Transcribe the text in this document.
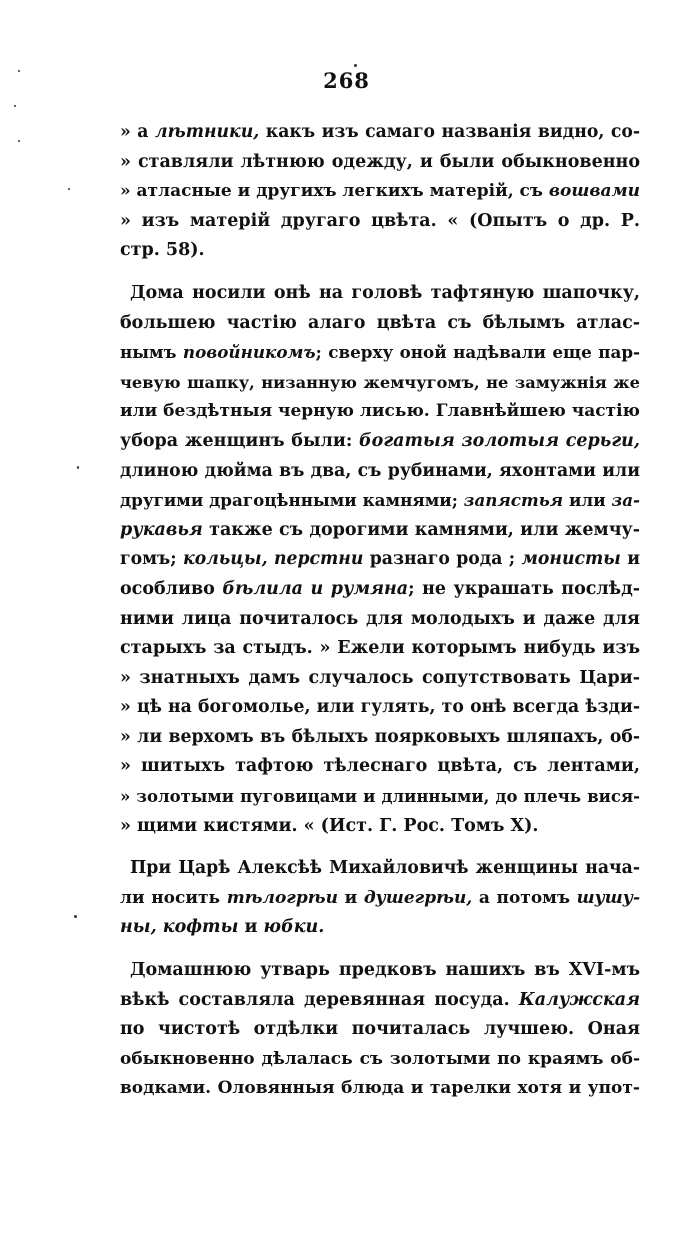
268
» а лѣтники, какъ изъ самаго названія видно, со-
» ставляли лѣтнюю одежду, и были обыкновенно
» атласные и другихъ легкихъ матерій, съ вошвами
» изъ матерій другаго цвѣта. « (Опытъ о др. Р.
стр. 58).
Дома носили онѣ на головѣ тафтяную шапочку,
большею частію алаго цвѣта съ бѣлымъ атлас-
нымъ повойникомъ; сверху оной надѣвали еще пар-
чевую шапку, низанную жемчугомъ, не замужнія же
или бездѣтныя черную лисью. Главнѣйшею частію
убора женщинъ были: богатыя золотыя серьги,
длиною дюйма въ два, съ рубинами, яхонтами или
другими драгоцѣнными камнями; запястья или за-
рукавья также съ дорогими камнями, или жемчу-
гомъ; кольцы, перстни разнаго рода ; монисты и
особливо бѣлила и румяна; не украшать послѣд-
ними лица почиталось для молодыхъ и даже для
старыхъ за стыдъ. » Ежели которымъ нибудь изъ
» знатныхъ дамъ случалось сопутствовать Цари-
» цѣ на богомолье, или гулять, то онѣ всегда ѣзди-
» ли верхомъ въ бѣлыхъ поярковыхъ шляпахъ, об-
» шитыхъ тафтою тѣлеснаго цвѣта, съ лентами,
» золотыми пуговицами и длинными, до плечь вися-
» щими кистями. « (Ист. Г. Рос. Томъ X).
При Царѣ Алексѣѣ Михайловичѣ женщины нача-
ли носить тѣлогрѣи и душегрѣи, а потомъ шушу-
ны, кофты и юбки.
Домашнюю утварь предковъ нашихъ въ XVI-мъ
вѣкѣ составляла деревянная посуда. Калужская
по чистотѣ отдѣлки почиталась лучшею. Оная
обыкновенно дѣлалась съ золотыми по краямъ об-
водками. Оловянныя блюда и тарелки хотя и упот-
